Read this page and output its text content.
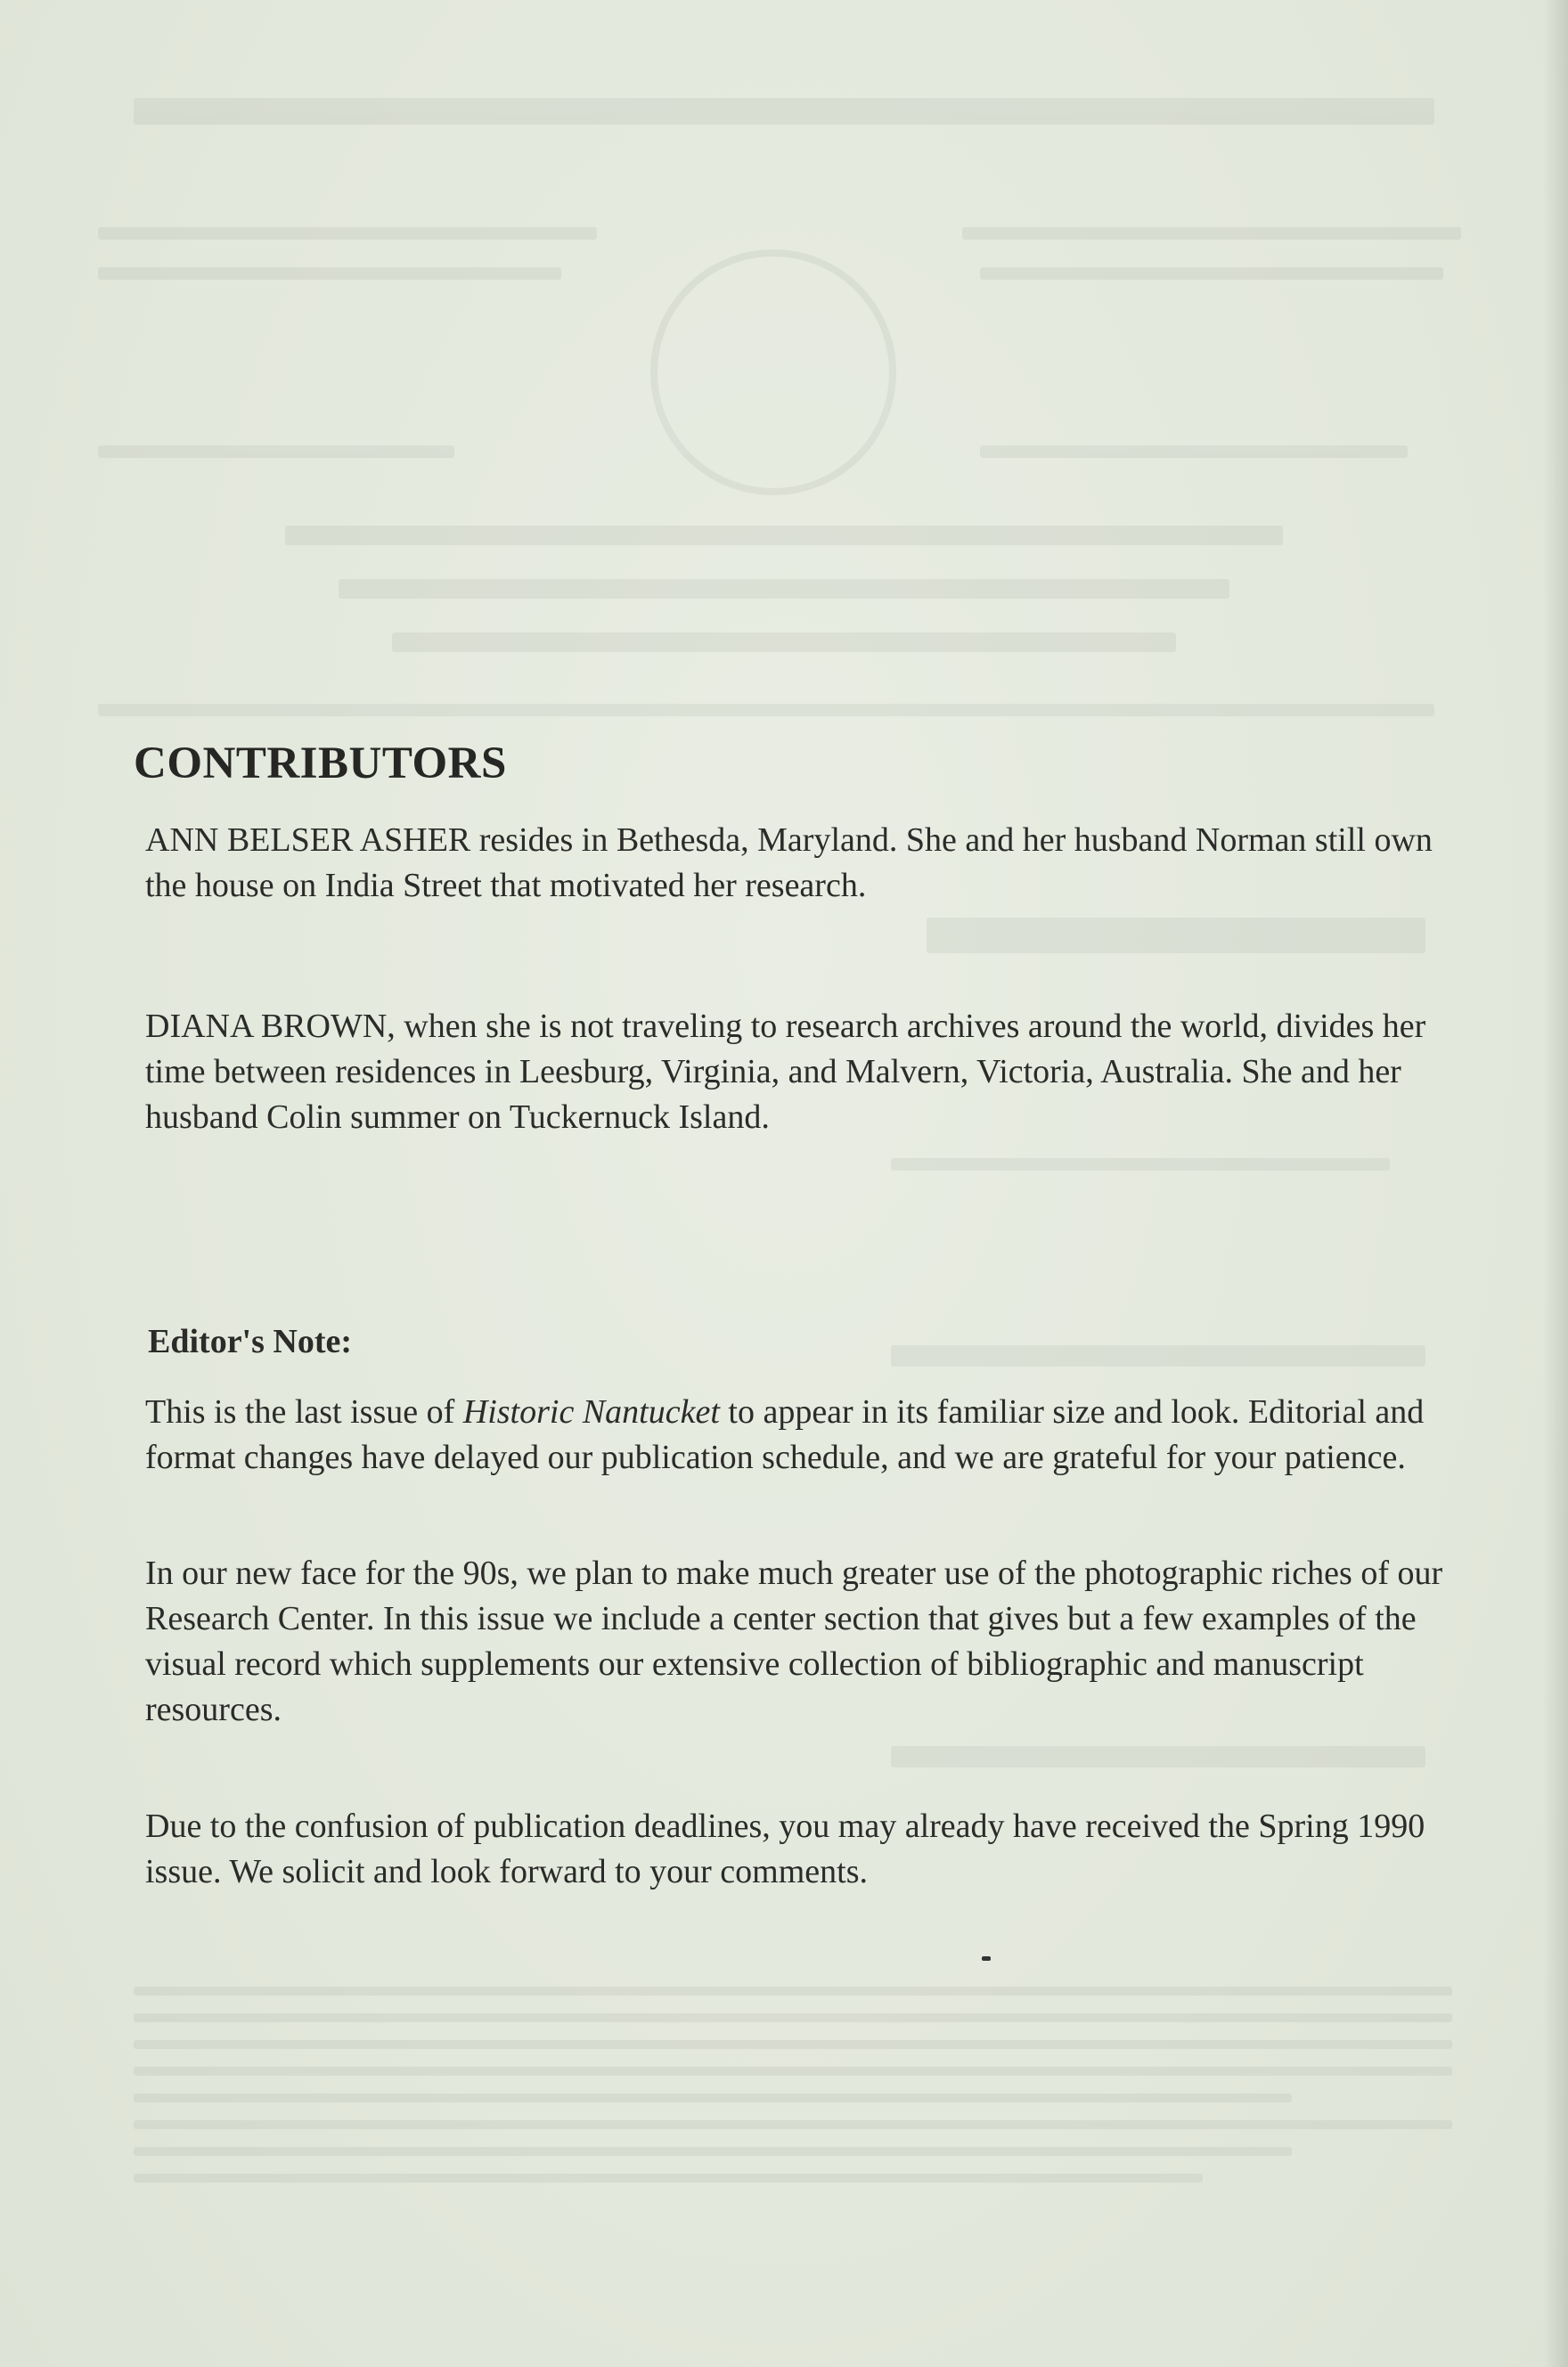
CONTRIBUTORS

ANN BELSER ASHER resides in Bethesda, Maryland. She and her husband Norman still own the house on India Street that motivated her research.

DIANA BROWN, when she is not traveling to research archives around the world, divides her time between residences in Leesburg, Virginia, and Malvern, Victoria, Australia. She and her husband Colin summer on Tuckernuck Island.

Editor's Note:

This is the last issue of Historic Nantucket to appear in its familiar size and look. Editorial and format changes have delayed our publication schedule, and we are grateful for your patience.

In our new face for the 90s, we plan to make much greater use of the photographic riches of our Research Center. In this issue we include a center section that gives but a few examples of the visual record which supplements our extensive collection of bibliographic and manuscript resources.

Due to the confusion of publication deadlines, you may already have received the Spring 1990 issue. We solicit and look forward to your comments.
